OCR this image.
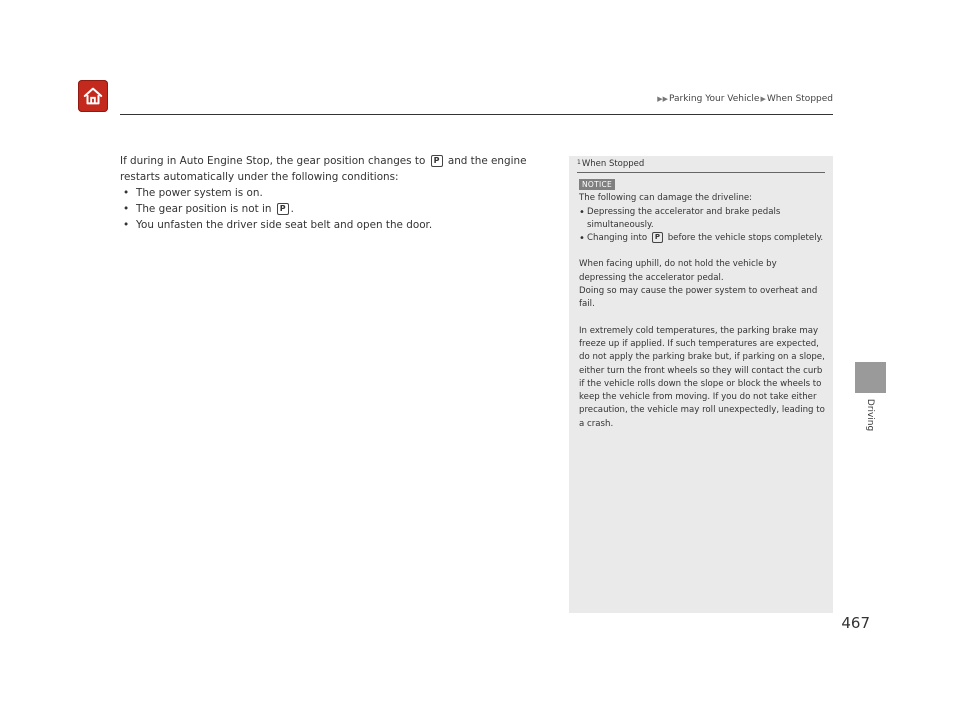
▶▶Parking Your Vehicle▶When Stopped
Driving

If during in Auto Engine Stop, the gear position changes to P and the engine restarts automatically under the following conditions:

• The power system is on.
• The gear position is not in P .
• You unfasten the driver side seat belt and open the door.
$^1$When Stopped
NOTICE

The following can damage the driveline:

• Depressing the accelerator and brake pedals simultaneously.
• Changing into P before the vehicle stops completely.

When facing uphill, do not hold the vehicle by depressing the accelerator pedal.

Doing so may cause the power system to overheat and fail.

In extremely cold temperatures, the parking brake may freeze up if applied. If such temperatures are expected, do not apply the parking brake but, if parking on a slope, either turn the front wheels so they will contact the curb if the vehicle rolls down the slope or block the wheels to keep the vehicle from moving. If you do not take either precaution, the vehicle may roll unexpectedly, leading to a crash.

467
